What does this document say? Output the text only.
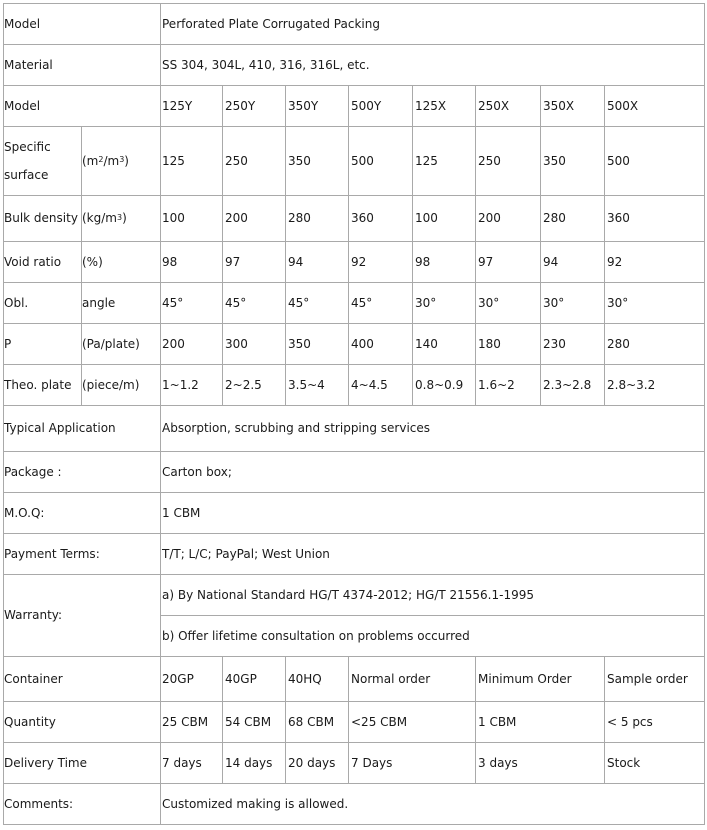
Model	Perforated Plate Corrugated Packing
Material	SS 304, 304L, 410, 316, 316L, etc.
Model	125Y	250Y	350Y	500Y	125X	250X	350X	500X
Specific
surface
($m^2$ $/m^3$ )	125	250	350	500	125	250	350	500
Bulk density ($kg/m^3$ )	100	200	280	360	100	200	280	360
Void ratio	(%)	98	97	94	92	98	97	94	92
Obl.	angle	45°	45°	45°	45°	30°	30°	30°	30°
P	(Pa/plate)	200	300	350	400	140	180	230	280
Theo. plate (piece/m)	1~1.2	2~2.5	3.5~4	4~4.5	0.8~0.9	1.6~2	2.3~2.8	2.8~3.2
Typical Application	Absorption, scrubbing and stripping services
Package :	Carton box;
M.O.Q:	1 CBM
Payment Terms:	T/T; L/C; PayPal; West Union
Warranty:
a) By National Standard HG/T 4374-2012; HG/T 21556.1-1995
b) Offer lifetime consultation on problems occurred
Container	20GP	40GP	40HQ	Normal order	Minimum Order	Sample order
Quantity	25 CBM	54 CBM	68 CBM	<25 CBM	1 CBM	< 5 pcs
Delivery Time	7 days	14 days	20 days	7 Days	3 days	Stock
Comments:	Customized making is allowed.
